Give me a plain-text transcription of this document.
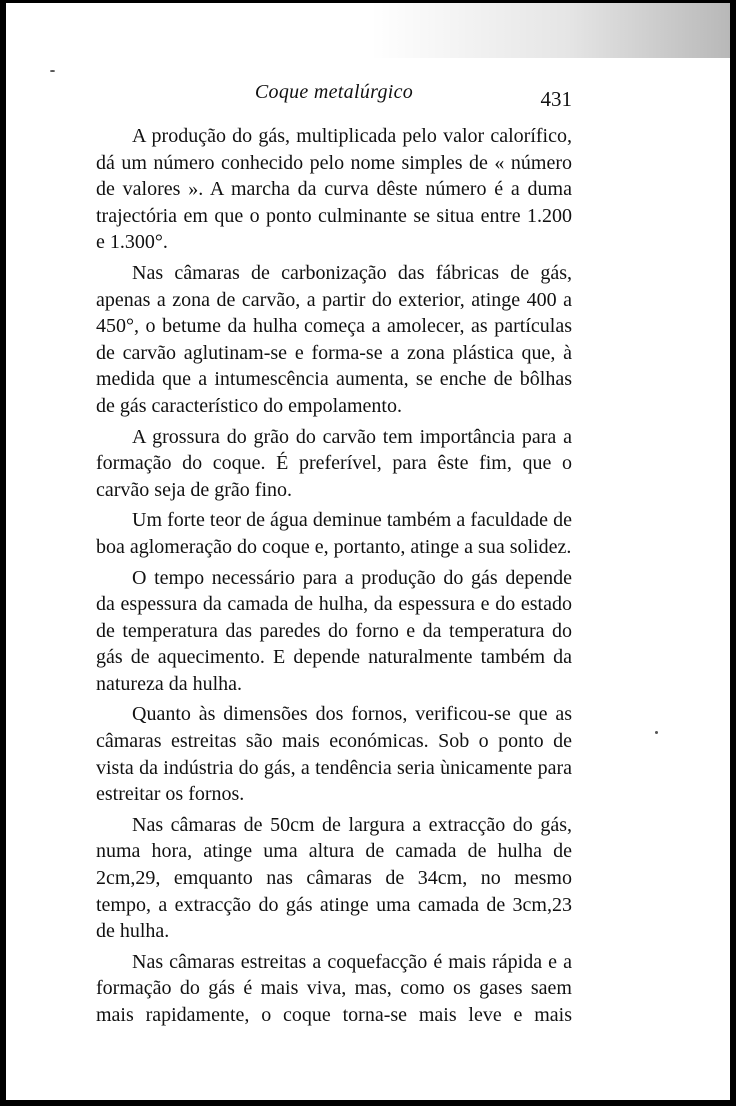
Coque metalúrgico	431

A produção do gás, multiplicada pelo valor calorífico, dá um número conhecido pelo nome simples de « número de valores ». A marcha da curva dêste número é a duma trajectória em que o ponto culminante se situa entre 1.200 e 1.300°.

Nas câmaras de carbonização das fábricas de gás, apenas a zona de carvão, a partir do exterior, atinge 400 a 450°, o betume da hulha começa a amolecer, as partículas de carvão aglutinam-se e forma-se a zona plástica que, à medida que a intumescência aumenta, se enche de bôlhas de gás característico do empolamento.

A grossura do grão do carvão tem importância para a formação do coque. É preferível, para êste fim, que o carvão seja de grão fino.

Um forte teor de água deminue também a faculdade de boa aglomeração do coque e, portanto, atinge a sua solidez.

O tempo necessário para a produção do gás depende da espessura da camada de hulha, da espessura e do estado de temperatura das paredes do forno e da temperatura do gás de aquecimento. E depende naturalmente também da natureza da hulha.

Quanto às dimensões dos fornos, verificou-se que as câmaras estreitas são mais económicas. Sob o ponto de vista da indústria do gás, a tendência seria ùnicamente para estreitar os fornos.

Nas câmaras de 50cm de largura a extracção do gás, numa hora, atinge uma altura de camada de hulha de 2cm,29, emquanto nas câmaras de 34cm, no mesmo tempo, a extracção do gás atinge uma camada de 3cm,23 de hulha.

Nas câmaras estreitas a coquefacção é mais rápida e a formação do gás é mais viva, mas, como os gases saem mais rapidamente, o coque torna-se mais leve e mais
